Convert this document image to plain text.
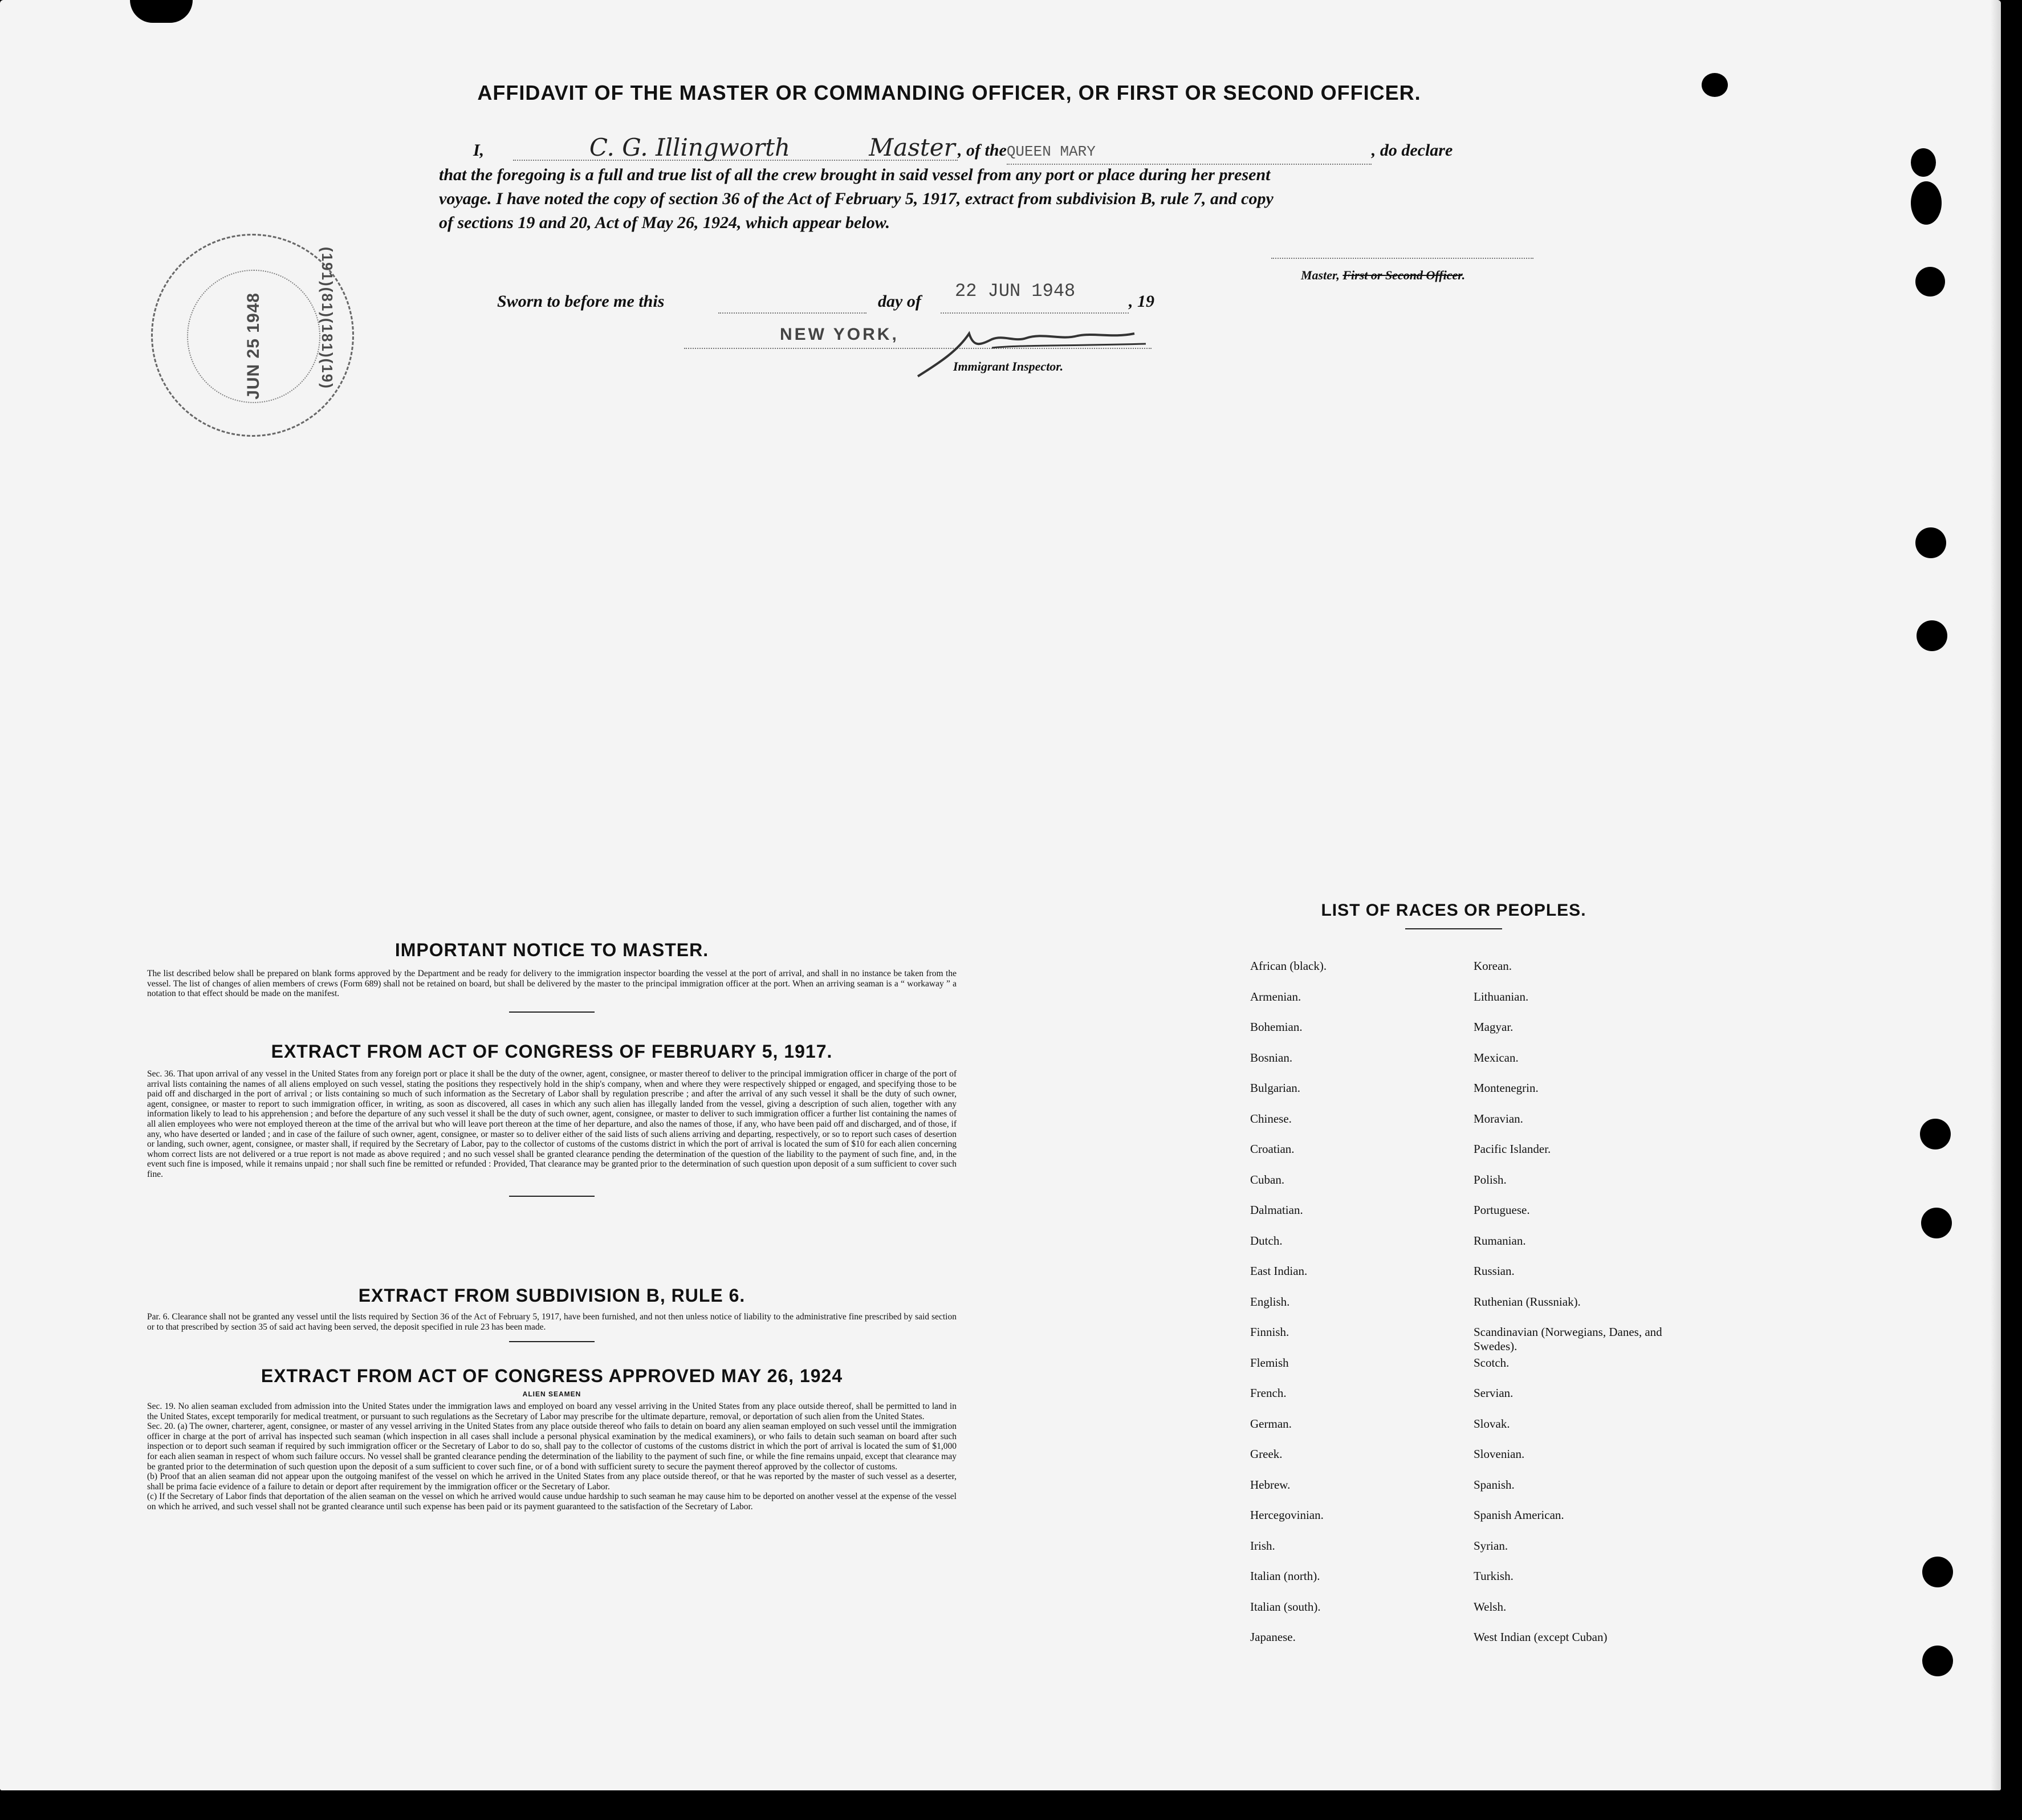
AFFIDAVIT OF THE MASTER OR COMMANDING OFFICER, OR FIRST OR SECOND OFFICER.
I,	C. G. Illingworth	Master , of theQUEEN MARY	, do declare
that the foregoing is a full and true list of all the crew brought in said vessel from any port or place during her present
voyage. I have noted the copy of section 36 of the Act of February 5, 1917, extract from subdivision B, rule 7, and copy
of sections 19 and 20, Act of May 26, 1924, which appear below.
Master, First or Second Officer.
Sworn to before me this	day of 22 JUN 1948	, 19
NEW YORK,
Immigrant Inspector.
JUN 25 1948	(191)(81)(181)(19)
IMPORTANT NOTICE TO MASTER.
The list described below shall be prepared on blank forms approved by the Department and be ready for delivery to the immigration inspector boarding the vessel at the port of arrival, and shall in no instance be taken from the vessel. The list of changes of alien members of crews (Form 689) shall not be retained on board, but shall be delivered by the master to the principal immigration officer at the port. When an arriving seaman is a “ workaway ” a notation to that effect should be made on the manifest.
EXTRACT FROM ACT OF CONGRESS OF FEBRUARY 5, 1917.
Sec. 36. That upon arrival of any vessel in the United States from any foreign port or place it shall be the duty of the owner, agent, consignee, or master thereof to deliver to the principal immigration officer in charge of the port of arrival lists containing the names of all aliens employed on such vessel, stating the positions they respectively hold in the ship's company, when and where they were respectively shipped or engaged, and specifying those to be paid off and discharged in the port of arrival ; or lists containing so much of such information as the Secretary of Labor shall by regulation prescribe ; and after the arrival of any such vessel it shall be the duty of such owner, agent, consignee, or master to report to such immigration officer, in writing, as soon as discovered, all cases in which any such alien has illegally landed from the vessel, giving a description of such alien, together with any information likely to lead to his apprehension ; and before the departure of any such vessel it shall be the duty of such owner, agent, consignee, or master to deliver to such immigration officer a further list containing the names of all alien employees who were not employed thereon at the time of the arrival but who will leave port thereon at the time of her departure, and also the names of those, if any, who have been paid off and discharged, and of those, if any, who have deserted or landed ; and in case of the failure of such owner, agent, consignee, or master so to deliver either of the said lists of such aliens arriving and departing, respectively, or so to report such cases of desertion or landing, such owner, agent, consignee, or master shall, if required by the Secretary of Labor, pay to the collector of customs of the customs district in which the port of arrival is located the sum of $10 for each alien concerning whom correct lists are not delivered or a true report is not made as above required ; and no such vessel shall be granted clearance pending the determination of the question of the liability to the payment of such fine, and, in the event such fine is imposed, while it remains unpaid ; nor shall such fine be remitted or refunded : Provided, That clearance may be granted prior to the determination of such question upon deposit of a sum sufficient to cover such fine.
EXTRACT FROM SUBDIVISION B, RULE 6.
Par. 6. Clearance shall not be granted any vessel until the lists required by Section 36 of the Act of February 5, 1917, have been furnished, and not then unless notice of liability to the administrative fine prescribed by said section or to that prescribed by section 35 of said act having been served, the deposit specified in rule 23 has been made.
EXTRACT FROM ACT OF CONGRESS APPROVED MAY 26, 1924
ALIEN SEAMEN
Sec. 19. No alien seaman excluded from admission into the United States under the immigration laws and employed on board any vessel arriving in the United States from any place outside thereof, shall be permitted to land in the United States, except temporarily for medical treatment, or pursuant to such regulations as the Secretary of Labor may prescribe for the ultimate departure, removal, or deportation of such alien from the United States.
Sec. 20. (a) The owner, charterer, agent, consignee, or master of any vessel arriving in the United States from any place outside thereof who fails to detain on board any alien seaman employed on such vessel until the immigration officer in charge at the port of arrival has inspected such seaman (which inspection in all cases shall include a personal physical examination by the medical examiners), or who fails to detain such seaman on board after such inspection or to deport such seaman if required by such immigration officer or the Secretary of Labor to do so, shall pay to the collector of customs of the customs district in which the port of arrival is located the sum of $1,000 for each alien seaman in respect of whom such failure occurs. No vessel shall be granted clearance pending the determination of the liability to the payment of such fine, or while the fine remains unpaid, except that clearance may be granted prior to the determination of such question upon the deposit of a sum sufficient to cover such fine, or of a bond with sufficient surety to secure the payment thereof approved by the collector of customs.
(b) Proof that an alien seaman did not appear upon the outgoing manifest of the vessel on which he arrived in the United States from any place outside thereof, or that he was reported by the master of such vessel as a deserter, shall be prima facie evidence of a failure to detain or deport after requirement by the immigration officer or the Secretary of Labor.
(c) If the Secretary of Labor finds that deportation of the alien seaman on the vessel on which he arrived would cause undue hardship to such seaman he may cause him to be deported on another vessel at the expense of the vessel on which he arrived, and such vessel shall not be granted clearance until such expense has been paid or its payment guaranteed to the satisfaction of the Secretary of Labor.
LIST OF RACES OR PEOPLES.
African (black).	Korean.
Armenian.	Lithuanian.
Bohemian.	Magyar.
Bosnian.	Mexican.
Bulgarian.	Montenegrin.
Chinese.	Moravian.
Croatian.	Pacific Islander.
Cuban.	Polish.
Dalmatian.	Portuguese.
Dutch.	Rumanian.
East Indian.	Russian.
English.	Ruthenian (Russniak).
Finnish.	Scandinavian (Norwegians, Danes, and Swedes).
Flemish	Scotch.
French.	Servian.
German.	Slovak.
Greek.	Slovenian.
Hebrew.	Spanish.
Hercegovinian.	Spanish American.
Irish.	Syrian.
Italian (north).	Turkish.
Italian (south).	Welsh.
Japanese.	West Indian (except Cuban)
